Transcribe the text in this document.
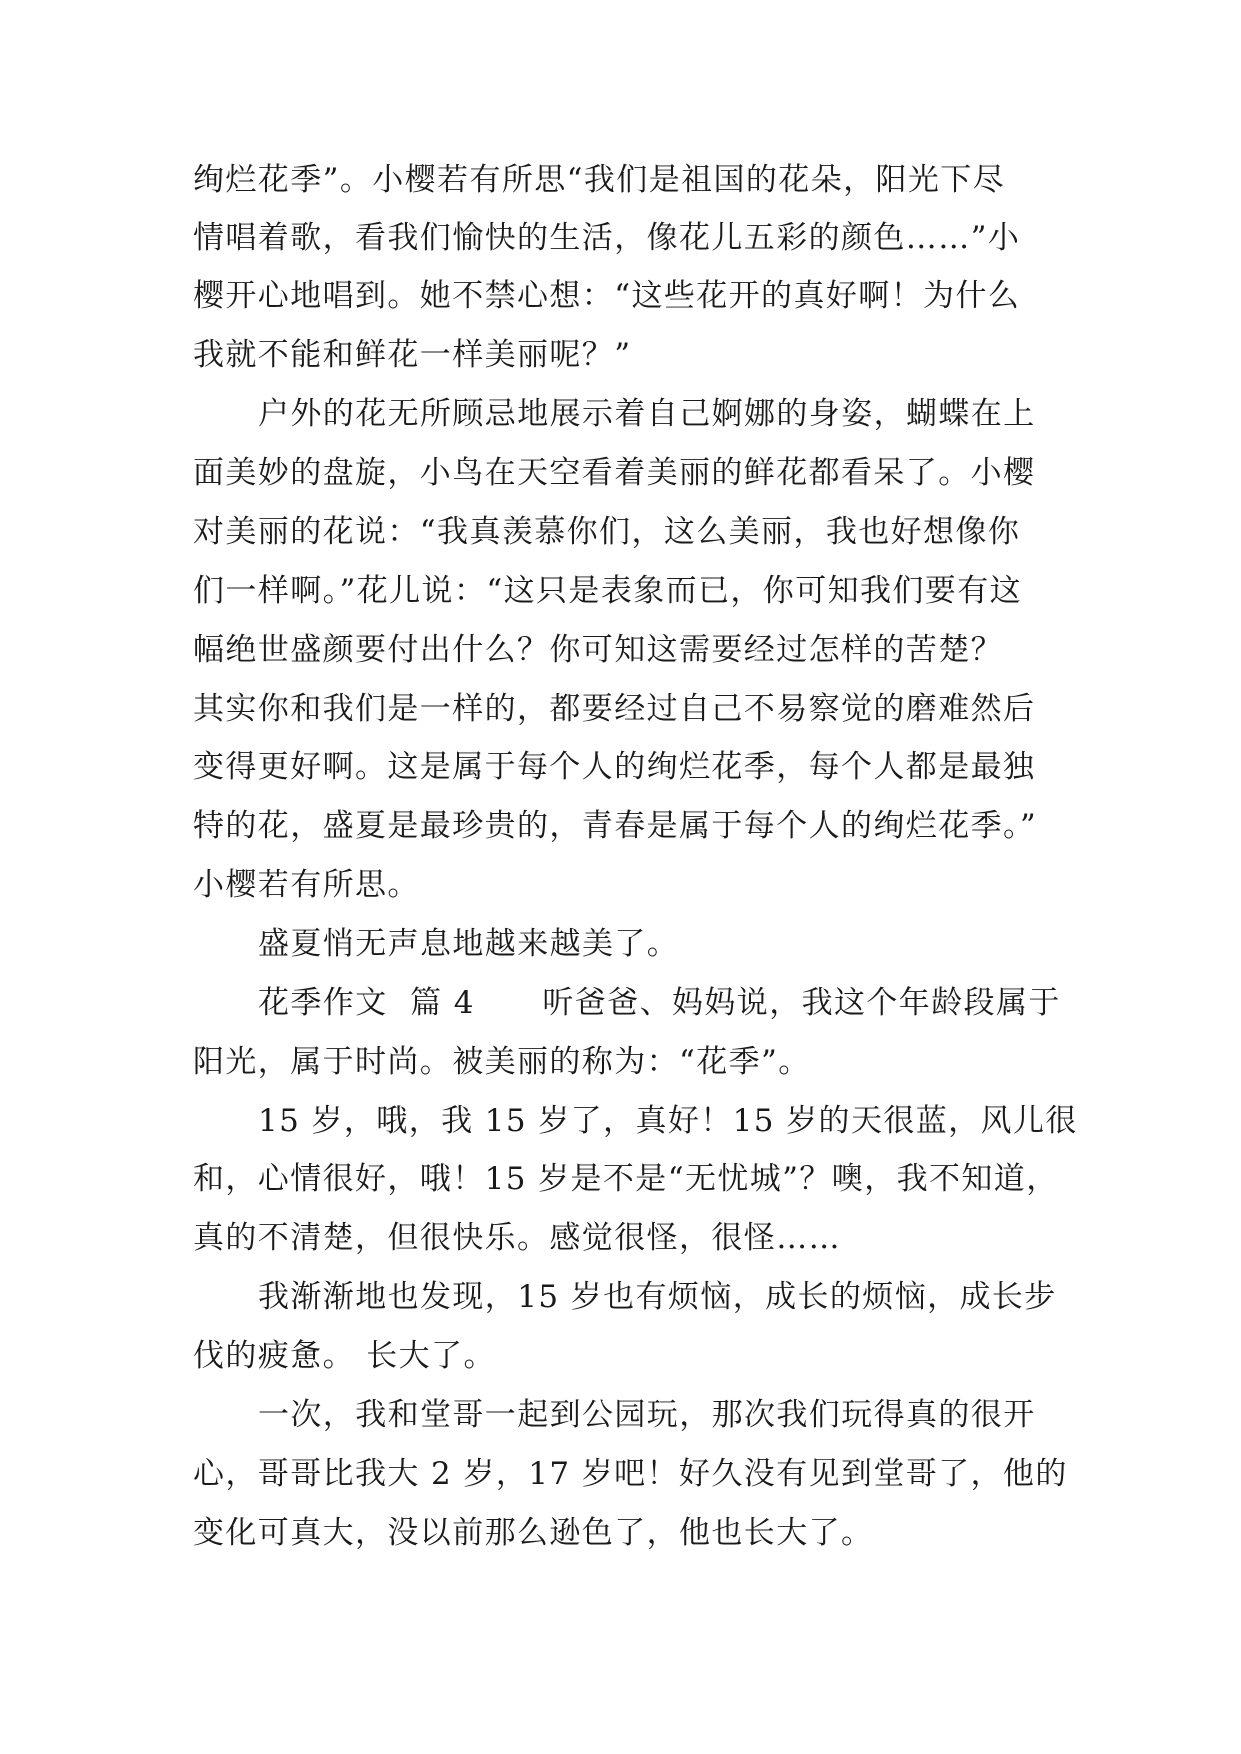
绚烂花季”。小樱若有所思“我们是祖国的花朵，阳光下尽
情唱着歌，看我们愉快的生活，像花儿五彩的颜色……”小
樱开心地唱到。她不禁心想：“这些花开的真好啊！为什么
我就不能和鲜花一样美丽呢？”
户外的花无所顾忌地展示着自己婀娜的身姿，蝴蝶在上
面美妙的盘旋，小鸟在天空看着美丽的鲜花都看呆了。小樱
对美丽的花说：“我真羡慕你们，这么美丽，我也好想像你
们一样啊。”花儿说：“这只是表象而已，你可知我们要有这
幅绝世盛颜要付出什么？你可知这需要经过怎样的苦楚？
其实你和我们是一样的，都要经过自己不易察觉的磨难然后
变得更好啊。这是属于每个人的绚烂花季，每个人都是最独
特的花，盛夏是最珍贵的，青春是属于每个人的绚烂花季。”
小樱若有所思。
盛夏悄无声息地越来越美了。
花季作文  篇 4      听爸爸、妈妈说，我这个年龄段属于
阳光，属于时尚。被美丽的称为：“花季”。
15 岁，哦，我 15 岁了，真好！15 岁的天很蓝，风儿很
和，心情很好，哦！15 岁是不是“无忧城”？噢，我不知道，
真的不清楚，但很快乐。感觉很怪，很怪……
我渐渐地也发现，15 岁也有烦恼，成长的烦恼，成长步
伐的疲惫。 长大了。
一次，我和堂哥一起到公园玩，那次我们玩得真的很开
心，哥哥比我大 2 岁，17 岁吧！好久没有见到堂哥了，他的
变化可真大，没以前那么逊色了，他也长大了。
